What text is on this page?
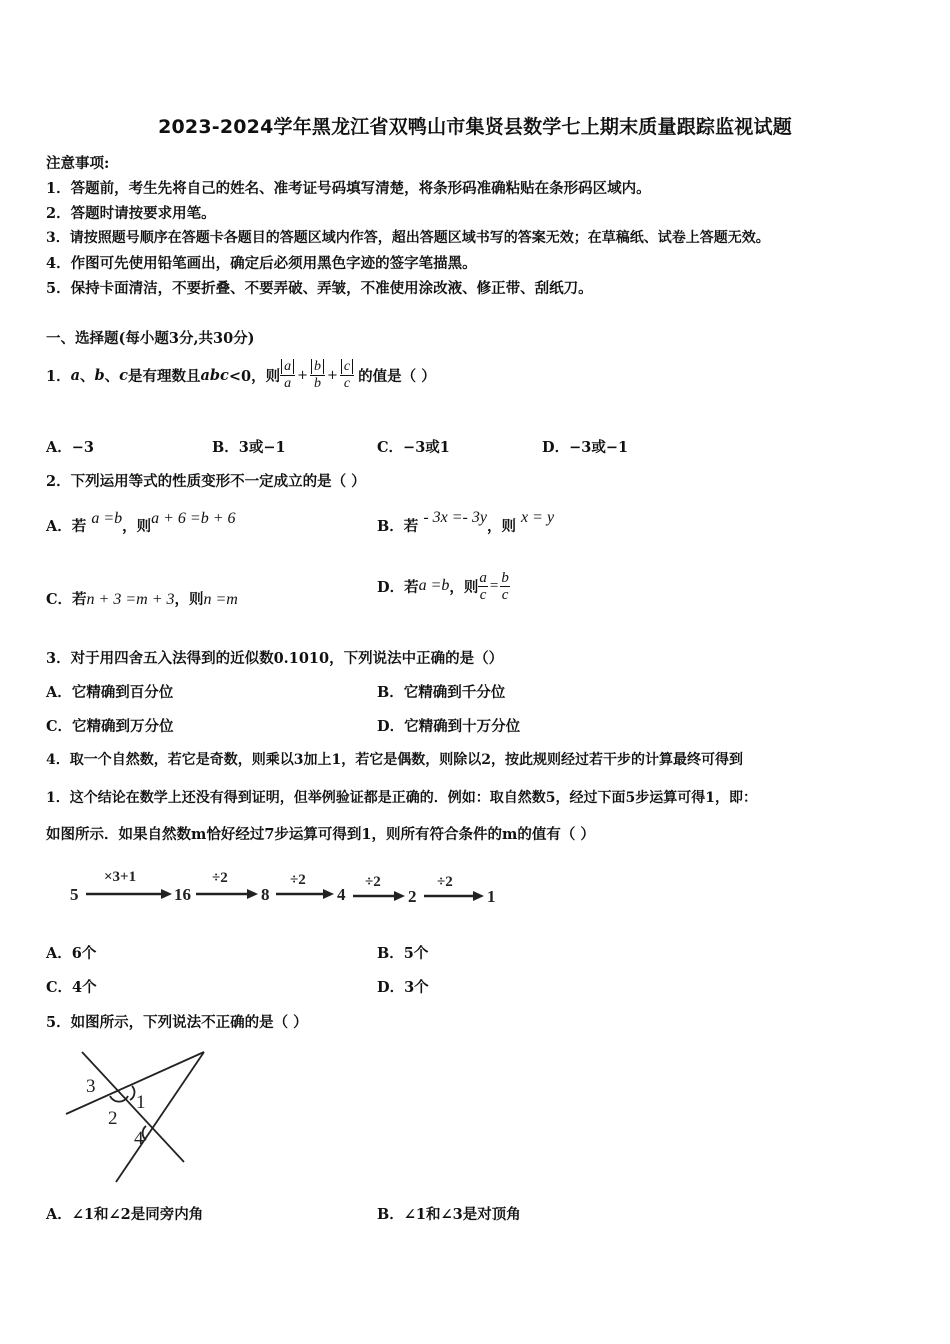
2023-2024学年黑龙江省双鸭山市集贤县数学七上期末质量跟踪监视试题
注意事项:
1．答题前，考生先将自己的姓名、准考证号码填写清楚，将条形码准确粘贴在条形码区域内。
2．答题时请按要求用笔。
3．请按照题号顺序在答题卡各题目的答题区域内作答，超出答题区域书写的答案无效；在草稿纸、试卷上答题无效。
4．作图可先使用铅笔画出，确定后必须用黑色字迹的签字笔描黑。
5．保持卡面清洁，不要折叠、不要弄破、弄皱，不准使用涂改液、修正带、刮纸刀。
一、选择题(每小题3分,共30分)
1． a 、 b 、 c 是有理数且 abc <0，则 $\frac{a}{a} + \frac{b}{b} + \frac{c}{c}$ 的值是（ ）
A．−3	B．3或−1	C．−3或1	D．−3或−1
2．下列运用等式的性质变形不一定成立的是（ ）
A．若 a =b，则a + 6 =b + 6	B．若 - 3x =- 3y，则 x = y
C．若n + 3 =m + 3，则n =m
D．若 a =b ，则 $\frac{a}{c} = \frac{b}{c}$
3．对于用四舍五入法得到的近似数0.1010，下列说法中正确的是（）
A．它精确到百分位	B．它精确到千分位
C．它精确到万分位	D．它精确到十万分位
4．取一个自然数，若它是奇数，则乘以3加上1，若它是偶数，则除以2，按此规则经过若干步的计算最终可得到
1．这个结论在数学上还没有得到证明，但举例验证都是正确的．例如：取自然数5，经过下面5步运算可得1，即：
如图所示．如果自然数m恰好经过7步运算可得到1，则所有符合条件的m的值有（ ）
5	16	8	4	2	1
×3+1	÷2	÷2	÷2	÷2
A．6个	B．5个
C．4个	D．3个
5．如图所示，下列说法不正确的是（ ）
3
1
2
4
A．∠1和∠2是同旁内角	B．∠1和∠3是对顶角
